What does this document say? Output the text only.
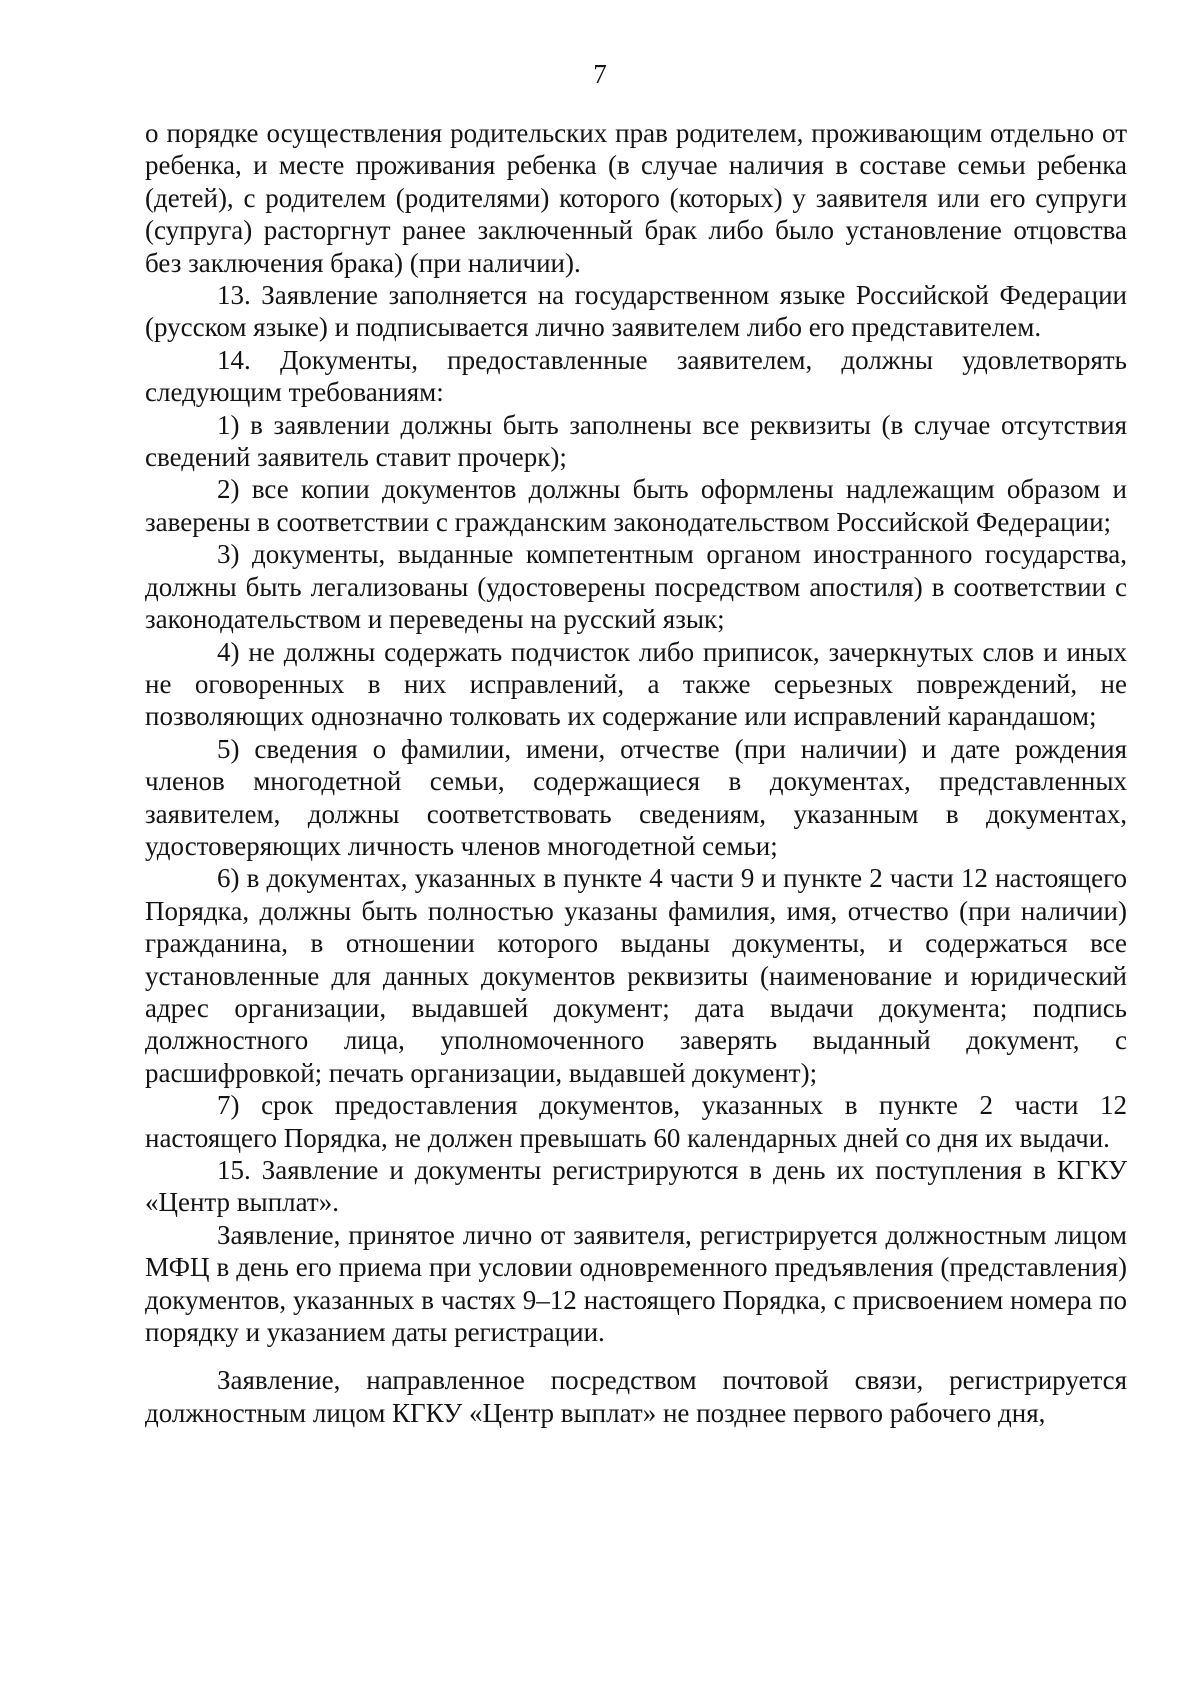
7

о порядке осуществления родительских прав родителем, проживающим отдельно от ребенка, и месте проживания ребенка (в случае наличия в составе семьи ребенка (детей), с родителем (родителями) которого (которых) у заявителя или его супруги (супруга) расторгнут ранее заключенный брак либо было установление отцовства без заключения брака) (при наличии).

13. Заявление заполняется на государственном языке Российской Федерации (русском языке) и подписывается лично заявителем либо его представителем.

14. Документы, предоставленные заявителем, должны удовлетворять следующим требованиям:

1) в заявлении должны быть заполнены все реквизиты (в случае отсутствия сведений заявитель ставит прочерк);

2) все копии документов должны быть оформлены надлежащим образом и заверены в соответствии с гражданским законодательством Российской Федерации;

3) документы, выданные компетентным органом иностранного государства, должны быть легализованы (удостоверены посредством апостиля) в соответствии с законодательством и переведены на русский язык;

4) не должны содержать подчисток либо приписок, зачеркнутых слов и иных не оговоренных в них исправлений, а также серьезных повреждений, не позволяющих однозначно толковать их содержание или исправлений карандашом;

5) сведения о фамилии, имени, отчестве (при наличии) и дате рождения членов многодетной семьи, содержащиеся в документах, представленных заявителем, должны соответствовать сведениям, указанным в документах, удостоверяющих личность членов многодетной семьи;

6) в документах, указанных в пункте 4 части 9 и пункте 2 части 12 настоящего Порядка, должны быть полностью указаны фамилия, имя, отчество (при наличии) гражданина, в отношении которого выданы документы, и содержаться все установленные для данных документов реквизиты (наименование и юридический адрес организации, выдавшей документ; дата выдачи документа; подпись должностного лица, уполномоченного заверять выданный документ, с расшифровкой; печать организации, выдавшей документ);

7) срок предоставления документов, указанных в пункте 2 части 12 настоящего Порядка, не должен превышать 60 календарных дней со дня их выдачи.

15. Заявление и документы регистрируются в день их поступления в КГКУ «Центр выплат».

Заявление, принятое лично от заявителя, регистрируется должностным лицом МФЦ в день его приема при условии одновременного предъявления (представления) документов, указанных в частях 9–12 настоящего Порядка, с присвоением номера по порядку и указанием даты регистрации.

Заявление, направленное посредством почтовой связи, регистрируется должностным лицом КГКУ «Центр выплат» не позднее первого рабочего дня,
